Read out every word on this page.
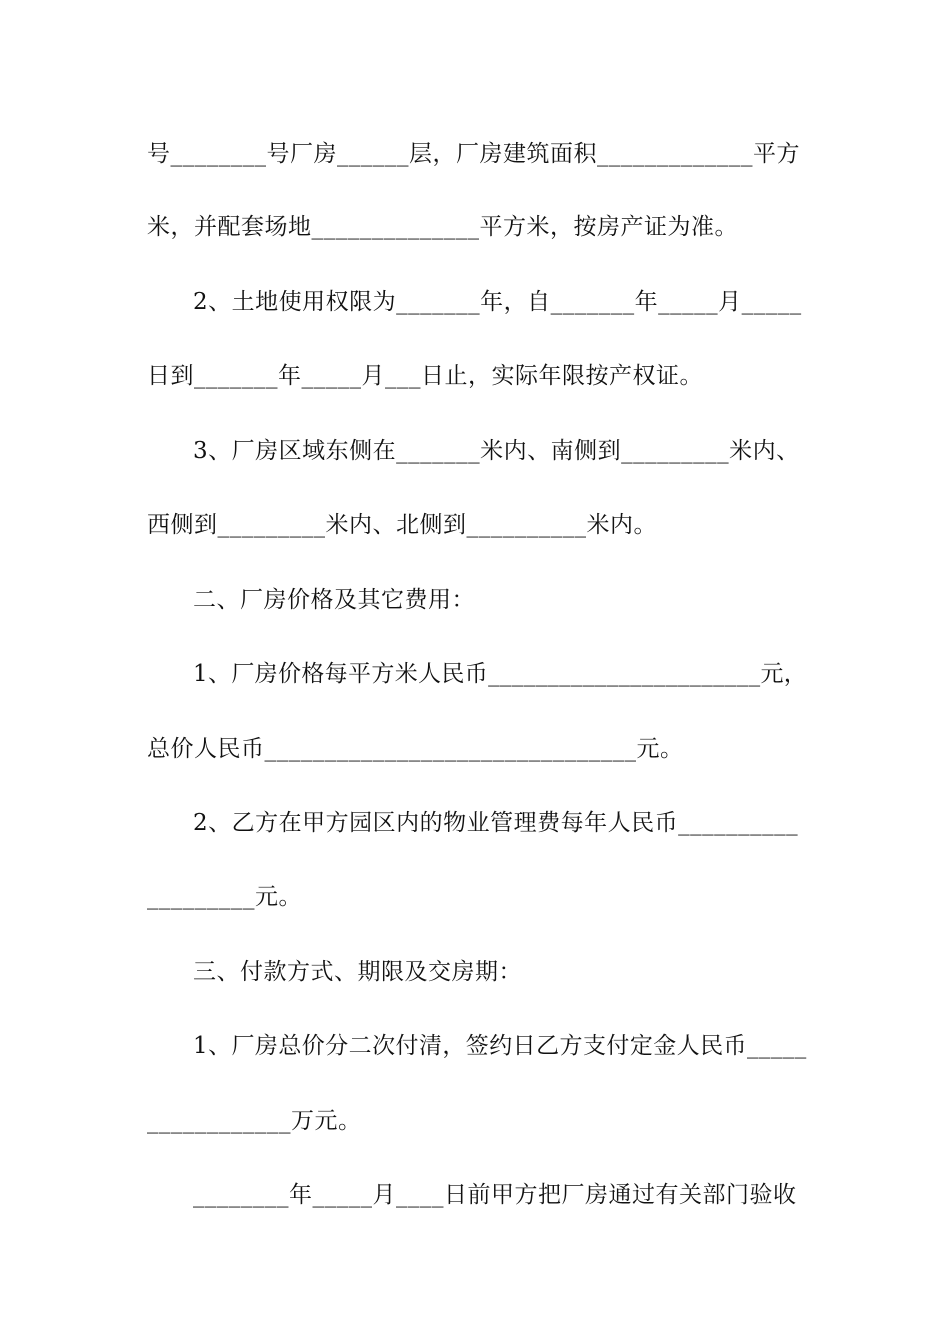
号________号厂房______层，厂房建筑面积_____________平方
米，并配套场地______________平方米，按房产证为准。
2、土地使用权限为_______年，自_______年_____月_____
日到_______年_____月___日止，实际年限按产权证。
3、厂房区域东侧在_______米内、南侧到_________米内、
西侧到_________米内、北侧到__________米内。
二、厂房价格及其它费用：
1、厂房价格每平方米人民币_______________________元，
总价人民币_______________________________元。
2、乙方在甲方园区内的物业管理费每年人民币__________
_________元。
三、付款方式、期限及交房期：
1、厂房总价分二次付清，签约日乙方支付定金人民币_____
____________万元。
________年_____月____日前甲方把厂房通过有关部门验收
